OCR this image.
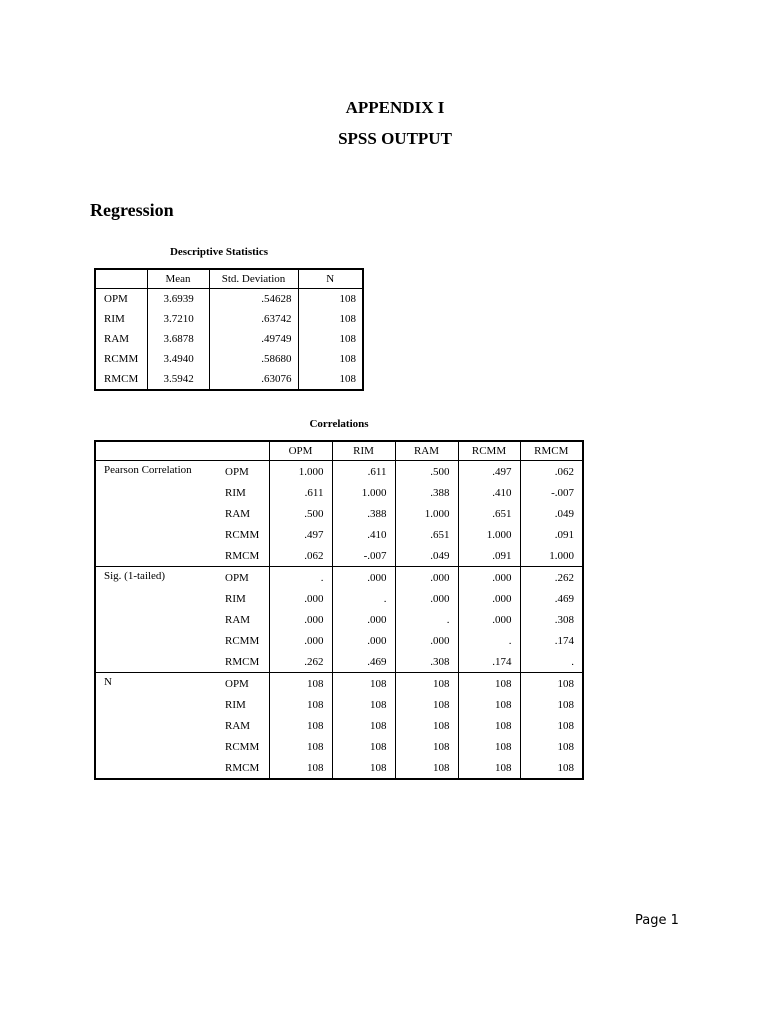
APPENDIX I
SPSS OUTPUT
Regression
Descriptive Statistics
	Mean	Std. Deviation	N
OPM	3.6939	.54628	108
RIM	3.7210	.63742	108
RAM	3.6878	.49749	108
RCMM	3.4940	.58680	108
RMCM	3.5942	.63076	108
Correlations
		OPM	RIM	RAM	RCMM	RMCM
Pearson Correlation	OPM	1.000	.611	.500	.497	.062
	RIM	.611	1.000	.388	.410	-.007
	RAM	.500	.388	1.000	.651	.049
	RCMM	.497	.410	.651	1.000	.091
	RMCM	.062	-.007	.049	.091	1.000
Sig. (1-tailed)	OPM	.	.000	.000	.000	.262
	RIM	.000	.	.000	.000	.469
	RAM	.000	.000	.	.000	.308
	RCMM	.000	.000	.000	.	.174
	RMCM	.262	.469	.308	.174	.
N	OPM	108	108	108	108	108
	RIM	108	108	108	108	108
	RAM	108	108	108	108	108
	RCMM	108	108	108	108	108
	RMCM	108	108	108	108	108
Page 1
